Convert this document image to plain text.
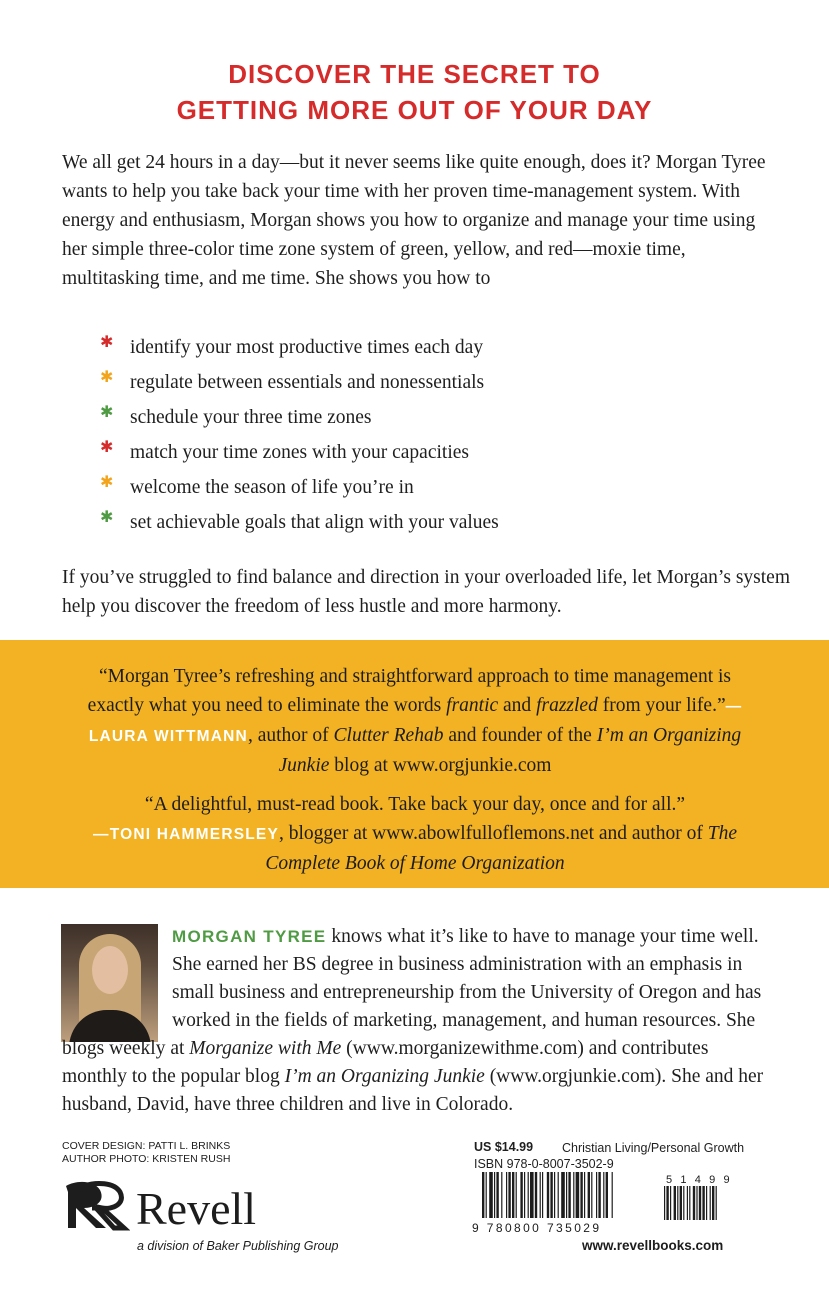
DISCOVER THE SECRET TO
GETTING MORE OUT OF YOUR DAY
We all get 24 hours in a day—but it never seems like quite enough, does it? Morgan Tyree wants to help you take back your time with her proven time-management system. With energy and enthusiasm, Morgan shows you how to organize and manage your time using her simple three-color time zone system of green, yellow, and red—moxie time, multitasking time, and me time. She shows you how to
✱ identify your most productive times each day
✱ regulate between essentials and nonessentials
✱ schedule your three time zones
✱ match your time zones with your capacities
✱ welcome the season of life you’re in
✱ set achievable goals that align with your values
If you’ve struggled to find balance and direction in your overloaded life, let Morgan’s system help you discover the freedom of less hustle and more harmony.
“Morgan Tyree’s refreshing and straightforward approach to time management is exactly what you need to eliminate the words frantic and frazzled from your life.”—LAURA WITTMANN, author of Clutter Rehab and founder of the I’m an Organizing Junkie blog at www.orgjunkie.com
“A delightful, must-read book. Take back your day, once and for all.”
—TONI HAMMERSLEY, blogger at www.abowlfulloflemons.net and author of The Complete Book of Home Organization
MORGAN TYREE knows what it’s like to have to manage your time well. She earned her BS degree in business administration with an emphasis in small business and entrepreneurship from the University of Oregon and has worked in the fields of marketing, management, and human resources. She blogs weekly at Morganize with Me (www.morganizewithme.com) and contributes monthly to the popular blog I’m an Organizing Junkie (www.orgjunkie.com). She and her husband, David, have three children and live in Colorado.
COVER DESIGN: PATTI L. BRINKS
AUTHOR PHOTO: KRISTEN RUSH
Revell
a division of Baker Publishing Group
US $14.99 Christian Living/Personal Growth
ISBN 978-0-8007-3502-9
9 780800 735029
5 1 4 9 9
www.revellbooks.com
